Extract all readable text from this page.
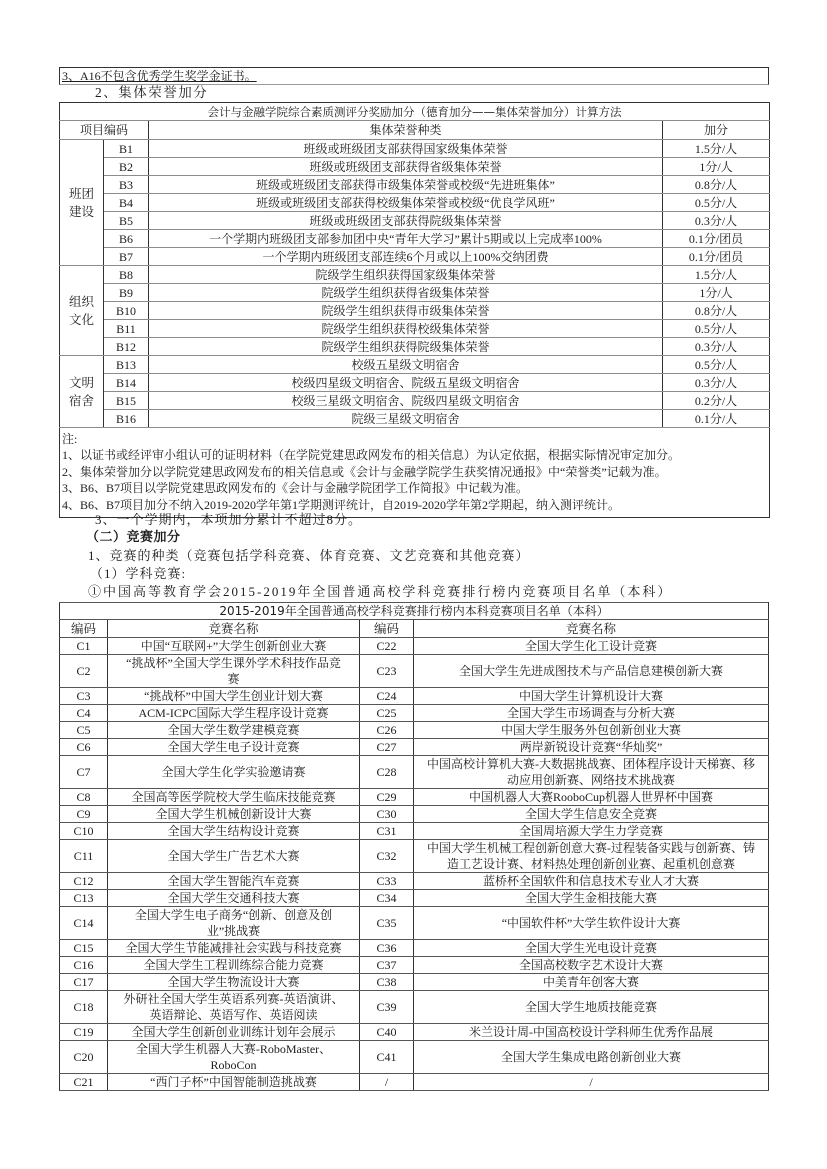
3、A16不包含优秀学生奖学金证书。
2、集体荣誉加分
会计与金融学院综合素质测评分奖励加分（德育加分——集体荣誉加分）计算方法			
项目编码		集体荣誉种类	加分

班团
建设	B1	班级或班级团支部获得国家级集体荣誉	1.5分/人
	B2	班级或班级团支部获得省级集体荣誉	1分/人
	B3	班级或班级团支部获得市级集体荣誉或校级“先进班集体”	0.8分/人
	B4	班级或班级团支部获得校级集体荣誉或校级“优良学风班”	0.5分/人
	B5	班级或班级团支部获得院级集体荣誉	0.3分/人
	B6	一个学期内班级团支部参加团中央“青年大学习”累计5期或以上完成率100%	0.1分/团员
	B7	一个学期内班级团支部连续6个月或以上100%交纳团费	0.1分/团员

组织
文化	B8	院级学生组织获得国家级集体荣誉	1.5分/人
	B9	院级学生组织获得省级集体荣誉	1分/人
	B10	院级学生组织获得市级集体荣誉	0.8分/人
	B11	院级学生组织获得校级集体荣誉	0.5分/人
	B12	院级学生组织获得院级集体荣誉	0.3分/人

文明
宿舍	B13	校级五星级文明宿舍	0.5分/人
	B14	校级四星级文明宿舍、院级五星级文明宿舍	0.3分/人
	B15	校级三星级文明宿舍、院级四星级文明宿舍	0.2分/人
	B16	院级三星级文明宿舍	0.1分/人

注:
1、以证书或经评审小组认可的证明材料（在学院党建思政网发布的相关信息）为认定依据，根据实际情况审定加分。
2、集体荣誉加分以学院党建思政网发布的相关信息或《会计与金融学院学生获奖情况通报》中“荣誉类”记载为准。
3、B6、B7项目以学院党建思政网发布的《会计与金融学院团学工作简报》中记载为准。
4、B6、B7项目加分不纳入2019-2020学年第1学期测评统计，自2019-2020学年第2学期起，纳入测评统计。			
3、一个学期内，本项加分累计不超过8分。
（二）竞赛加分
1、竞赛的种类（竞赛包括学科竞赛、体育竞赛、文艺竞赛和其他竞赛）
（1）学科竞赛:
①中国高等教育学会2015-2019年全国普通高校学科竞赛排行榜内竞赛项目名单（本科）
2015-2019年全国普通高校学科竞赛排行榜内本科竞赛项目名单（本科）			
编码	竞赛名称	编码	竞赛名称
C1	中国“互联网+”大学生创新创业大赛	C22	全国大学生化工设计竞赛
C2	“挑战杯”全国大学生课外学术科技作品竞赛	C23	全国大学生先进成图技术与产品信息建模创新大赛
C3	“挑战杯”中国大学生创业计划大赛	C24	中国大学生计算机设计大赛
C4	ACM-ICPC国际大学生程序设计竞赛	C25	全国大学生市场调查与分析大赛
C5	全国大学生数学建模竞赛	C26	中国大学生服务外包创新创业大赛
C6	全国大学生电子设计竞赛	C27	两岸新锐设计竞赛“华灿奖”
C7	全国大学生化学实验邀请赛	C28	中国高校计算机大赛-大数据挑战赛、团体程序设计天梯赛、移动应用创新赛、网络技术挑战赛
C8	全国高等医学院校大学生临床技能竞赛	C29	中国机器人大赛RooboCup机器人世界杯中国赛
C9	全国大学生机械创新设计大赛	C30	全国大学生信息安全竞赛
C10	全国大学生结构设计竞赛	C31	全国周培源大学生力学竞赛
C11	全国大学生广告艺术大赛	C32	中国大学生机械工程创新创意大赛-过程装备实践与创新赛、铸造工艺设计赛、材料热处理创新创业赛、起重机创意赛
C12	全国大学生智能汽车竞赛	C33	蓝桥杯全国软件和信息技术专业人才大赛
C13	全国大学生交通科技大赛	C34	全国大学生金相技能大赛
C14	全国大学生电子商务“创新、创意及创业”挑战赛	C35	“中国软件杯”大学生软件设计大赛
C15	全国大学生节能减排社会实践与科技竞赛	C36	全国大学生光电设计竞赛
C16	全国大学生工程训练综合能力竞赛	C37	全国高校数字艺术设计大赛
C17	全国大学生物流设计大赛	C38	中美青年创客大赛
C18	外研社全国大学生英语系列赛-英语演讲、英语辩论、英语写作、英语阅读	C39	全国大学生地质技能竞赛
C19	全国大学生创新创业训练计划年会展示	C40	米兰设计周-中国高校设计学科师生优秀作品展
C20	全国大学生机器人大赛-RoboMaster、RoboCon	C41	全国大学生集成电路创新创业大赛
C21	“西门子杯”中国智能制造挑战赛	/	/
